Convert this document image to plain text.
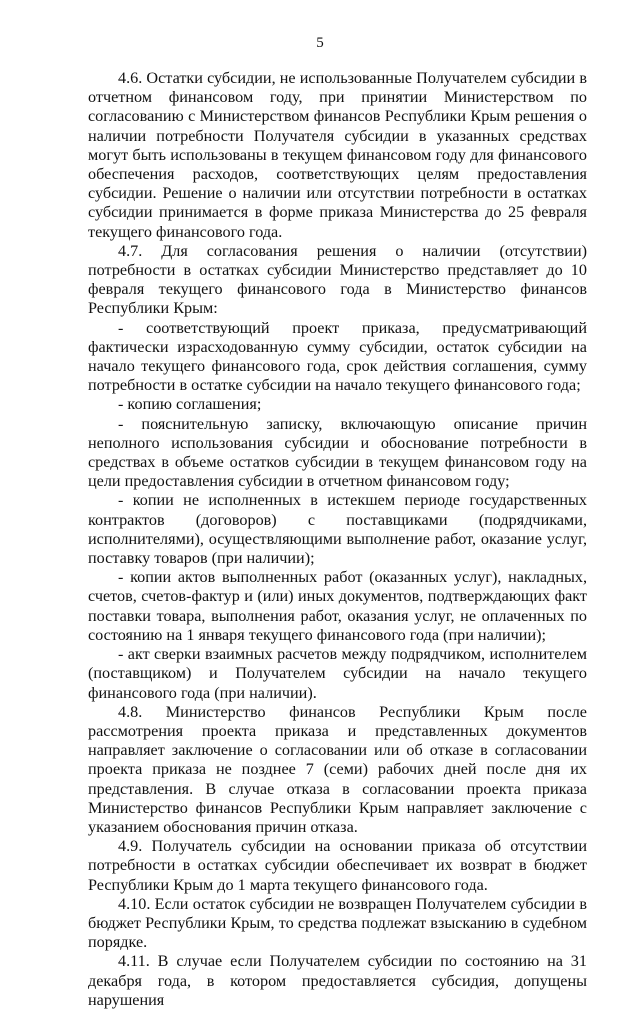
5

4.6. Остатки субсидии, не использованные Получателем субсидии в отчетном финансовом году, при принятии Министерством по согласованию с Министерством финансов Республики Крым решения о наличии потребности Получателя субсидии в указанных средствах могут быть использованы в текущем финансовом году для финансового обеспечения расходов, соответствующих целям предоставления субсидии. Решение о наличии или отсутствии потребности в остатках субсидии принимается в форме приказа Министерства до 25 февраля текущего финансового года.

4.7. Для согласования решения о наличии (отсутствии) потребности в остатках субсидии Министерство представляет до 10 февраля текущего финансового года в Министерство финансов Республики Крым:

- соответствующий проект приказа, предусматривающий фактически израсходованную сумму субсидии, остаток субсидии на начало текущего финансового года, срок действия соглашения, сумму потребности в остатке субсидии на начало текущего финансового года;

- копию соглашения;

- пояснительную записку, включающую описание причин неполного использования субсидии и обоснование потребности в средствах в объеме остатков субсидии в текущем финансовом году на цели предоставления субсидии в отчетном финансовом году;

- копии не исполненных в истекшем периоде государственных контрактов (договоров) с поставщиками (подрядчиками, исполнителями), осуществляющими выполнение работ, оказание услуг, поставку товаров (при наличии);

- копии актов выполненных работ (оказанных услуг), накладных, счетов, счетов-фактур и (или) иных документов, подтверждающих факт поставки товара, выполнения работ, оказания услуг, не оплаченных по состоянию на 1 января текущего финансового года (при наличии);

- акт сверки взаимных расчетов между подрядчиком, исполнителем (поставщиком) и Получателем субсидии на начало текущего финансового года (при наличии).

4.8. Министерство финансов Республики Крым после рассмотрения проекта приказа и представленных документов направляет заключение о согласовании или об отказе в согласовании проекта приказа не позднее 7 (семи) рабочих дней после дня их представления. В случае отказа в согласовании проекта приказа Министерство финансов Республики Крым направляет заключение с указанием обоснования причин отказа.

4.9. Получатель субсидии на основании приказа об отсутствии потребности в остатках субсидии обеспечивает их возврат в бюджет Республики Крым до 1 марта текущего финансового года.

4.10. Если остаток субсидии не возвращен Получателем субсидии в бюджет Республики Крым, то средства подлежат взысканию в судебном порядке.

4.11. В случае если Получателем субсидии по состоянию на 31 декабря года, в котором предоставляется субсидия, допущены нарушения
